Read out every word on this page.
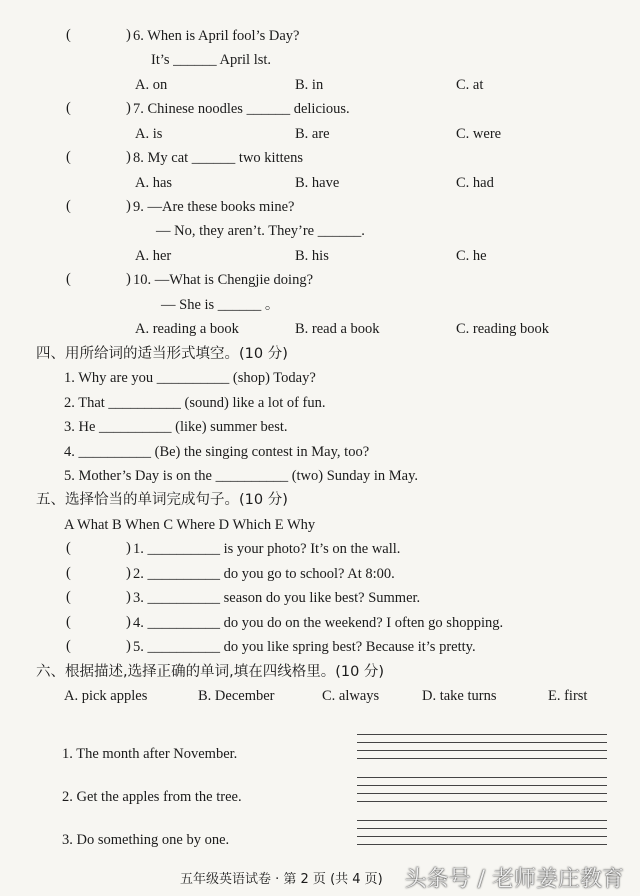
(	) 6. When is April fool’s Day?
It’s ______ April lst.
A. on	B. in	C. at
(	) 7. Chinese noodles ______ delicious.
A. is	B. are	C. were
(	) 8. My cat ______ two kittens
A. has	B. have	C. had
(	) 9. —Are these books mine?
— No, they aren’t. They’re ______.
A. her	B. his	C. he
(	) 10. —What is Chengjie doing?
— She is ______ 。
A. reading a book	B. read a book	C. reading book
四、用所给词的适当形式填空。(10 分)
1. Why are you __________ (shop) Today?
2. That __________ (sound) like a lot of fun.
3. He __________ (like) summer best.
4. __________ (Be) the singing contest in May, too?
5. Mother’s Day is on the __________ (two) Sunday in May.
五、选择恰当的单词完成句子。(10 分)
A What B When C Where D Which E Why
(	) 1. __________ is your photo? It’s on the wall.
(	) 2. __________ do you go to school? At 8:00.
(	) 3. __________ season do you like best? Summer.
(	) 4. __________ do you do on the weekend? I often go shopping.
(	) 5. __________ do you like spring best? Because it’s pretty.
六、根据描述,选择正确的单词,填在四线格里。(10 分)
A. pick apples	B. December	C. always	D. take turns	E. first
1. The month after November.
2. Get the apples from the tree.
3. Do something one by one.
五年级英语试卷 · 第 2 页 (共 4 页) 头条号 / 老师姜庄教育
